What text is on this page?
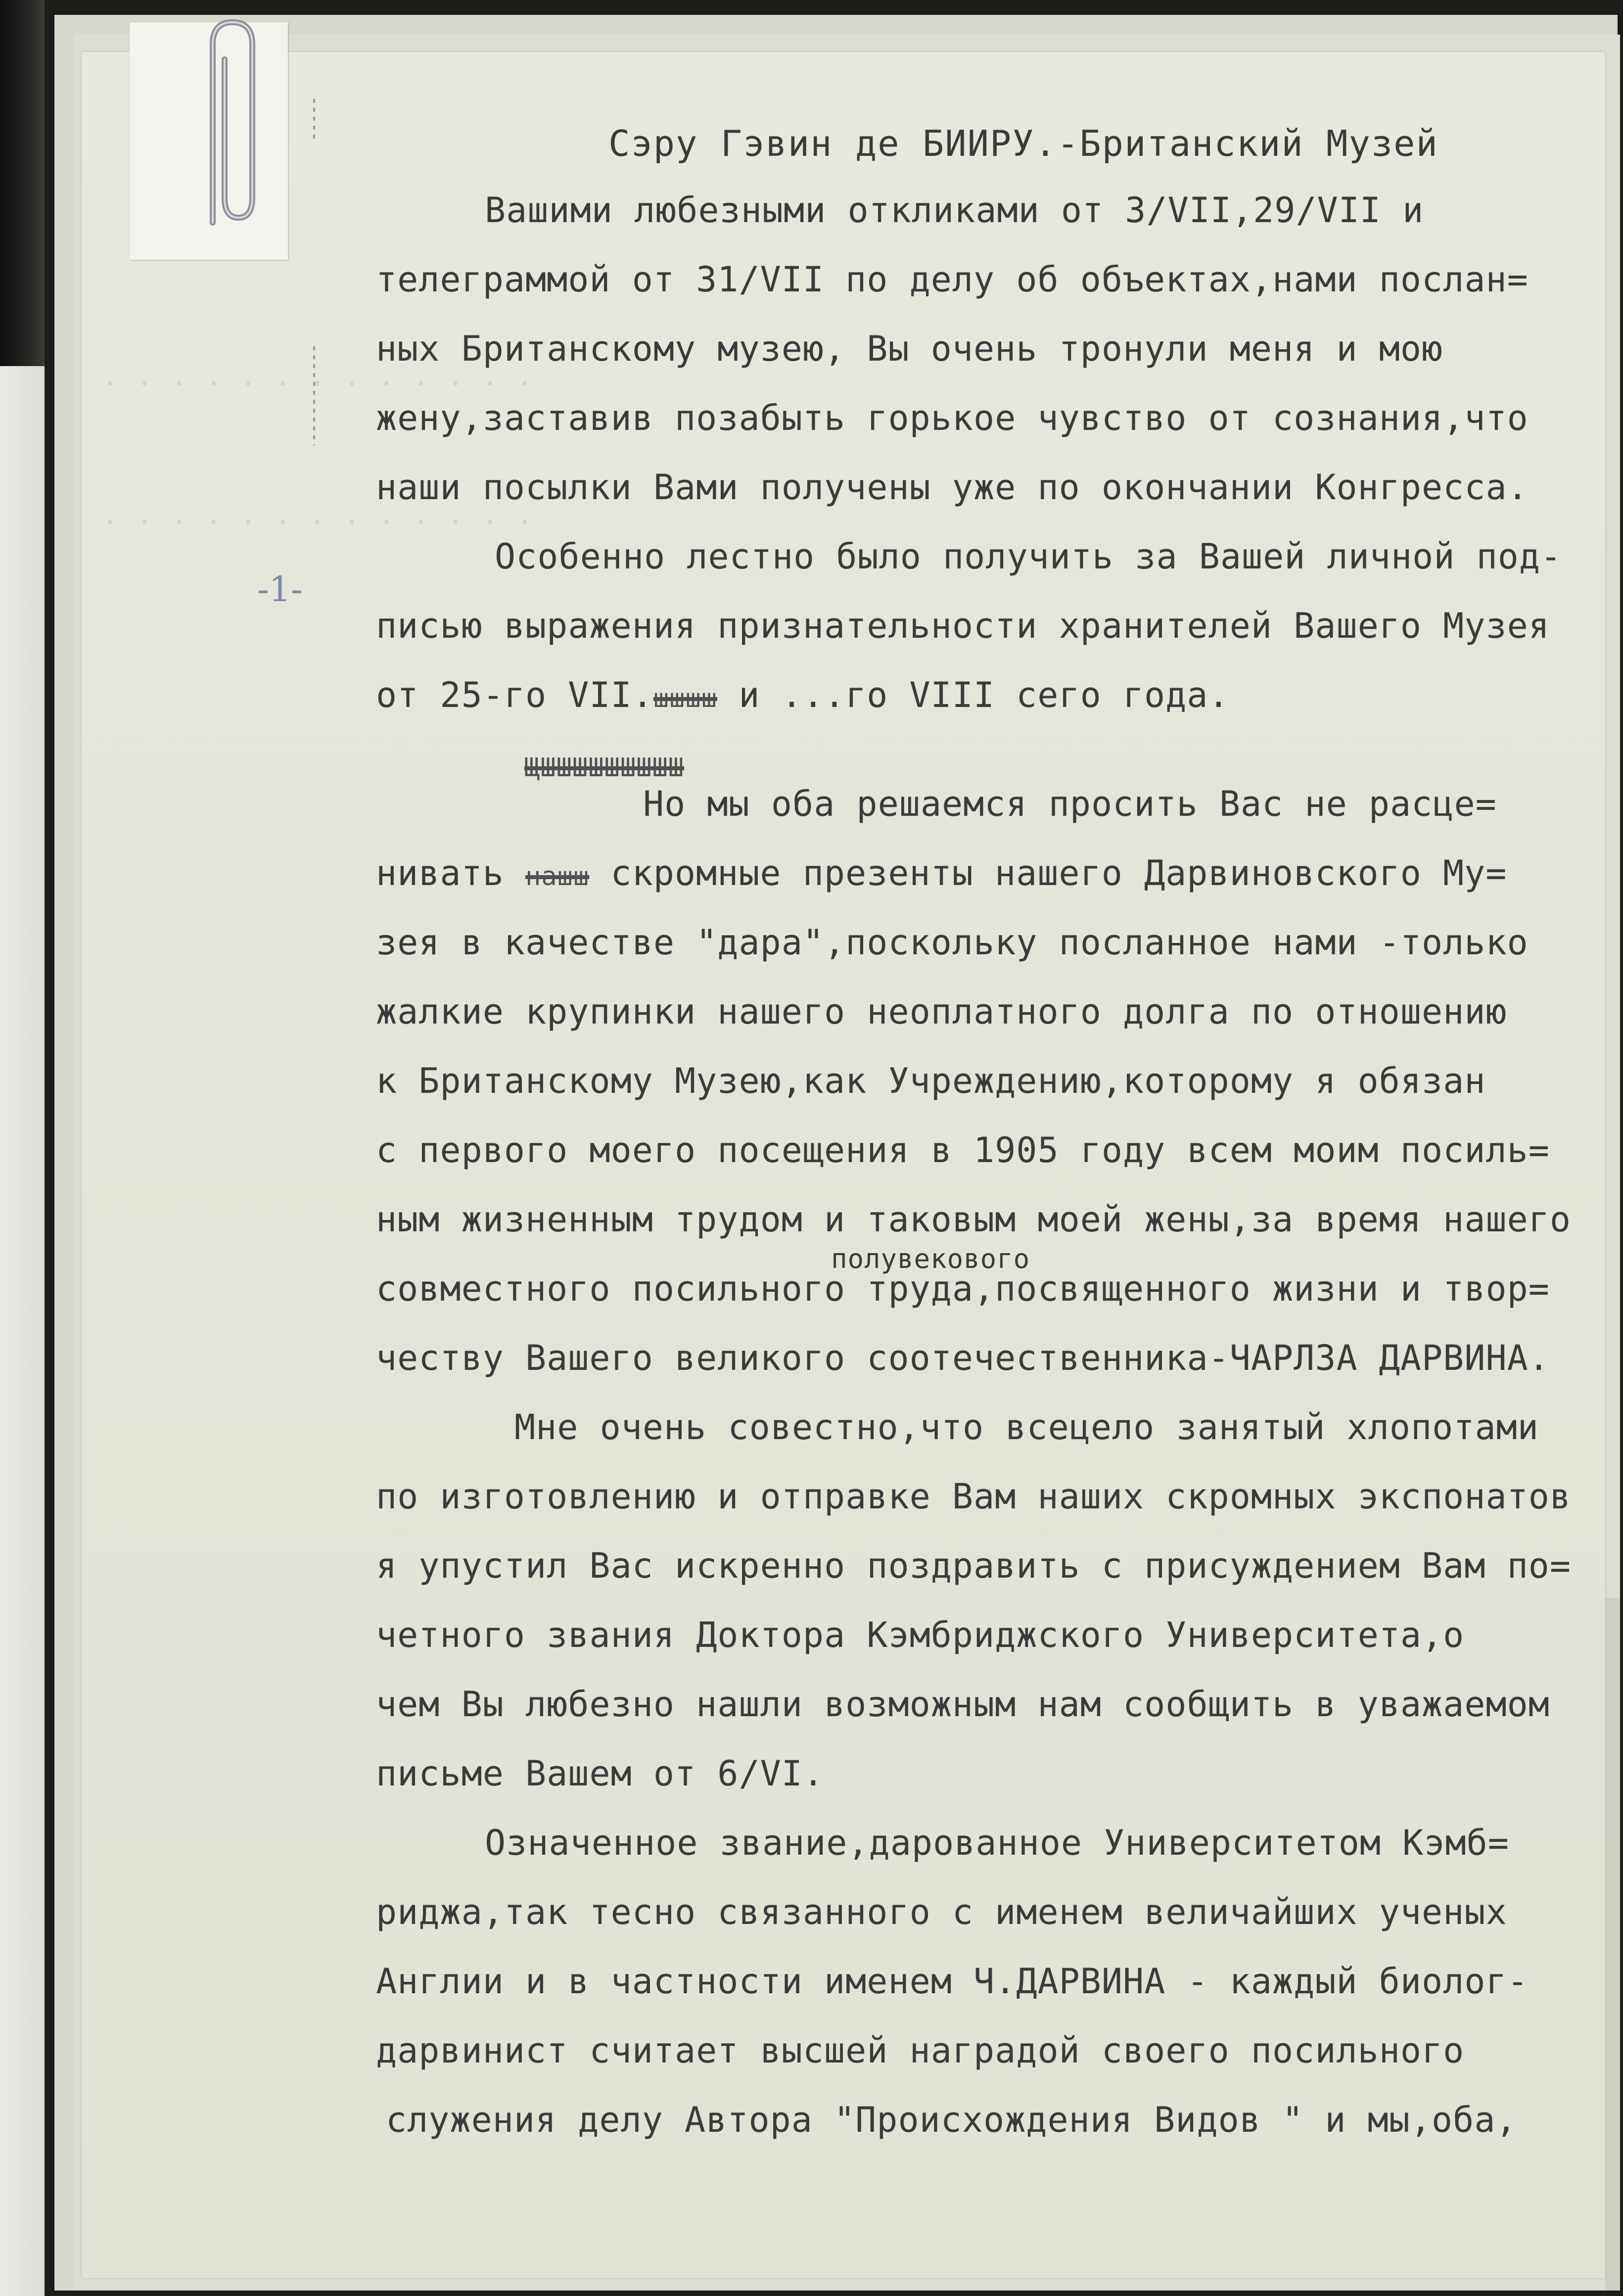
. . . . . . . . . . . . .
. . . . . . . . . . . . .
-1-
Сэру Гэвин де БИИРУ.-Британский Музей
Вашими любезными откликами от 3/VII,29/VII и
телеграммой от 31/VII по делу об объектах,нами послан=
ных Британскому музею, Вы очень тронули меня и мою
жену,заставив позабыть горькое чувство от сознания,что
наши посылки Вами получены уже по окончании Конгресса.
Особенно лестно было получить за Вашей личной под-
писью выражения признательности хранителей Вашего Музея
от 25-го VII.шшшш и ...го VIII сего года.
ЩШШШШШШШШШ
Но мы оба решаемся просить Вас не расце=
нивать нашш скромные презенты нашего Дарвиновского Му=
зея в качестве "дара",поскольку посланное нами -только
жалкие крупинки нашего неоплатного долга по отношению
к Британскому Музею,как Учреждению,которому я обязан
с первого моего посещения в 1905 году всем моим посиль=
ным жизненным трудом и таковым моей жены,за время нашего
полувекового
совместного посильного труда,посвященного жизни и твор=
честву Вашего великого соотечественника-ЧАРЛЗА ДАРВИНА.
Мне очень совестно,что всецело занятый хлопотами
по изготовлению и отправке Вам наших скромных экспонатов
я упустил Вас искренно поздравить с присуждением Вам по=
четного звания Доктора Кэмбриджского Университета,о
чем Вы любезно нашли возможным нам сообщить в уважаемом
письме Вашем от 6/VI.
Означенное звание,дарованное Университетом Кэмб=
риджа,так тесно связанного с именем величайших ученых
Англии и в частности именем Ч.ДАРВИНА - каждый биолог-
дарвинист считает высшей наградой своего посильного
служения делу Автора "Происхождения Видов " и мы,оба,
